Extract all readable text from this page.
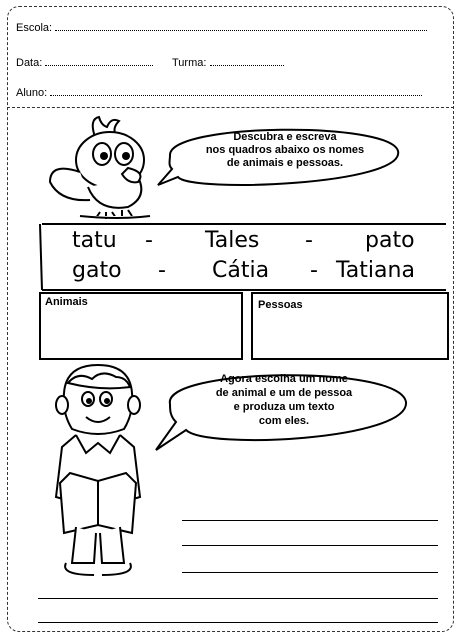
Escola:
Data:	Turma:
Aluno:
Descubra e escreva
nos quadros abaixo os nomes
de animais e pessoas.
tatu - Tales - pato
gato - Cátia - Tatiana
Animais	Pessoas
Agora escolha um nome
de animal e um de pessoa
e produza um texto
com eles.
